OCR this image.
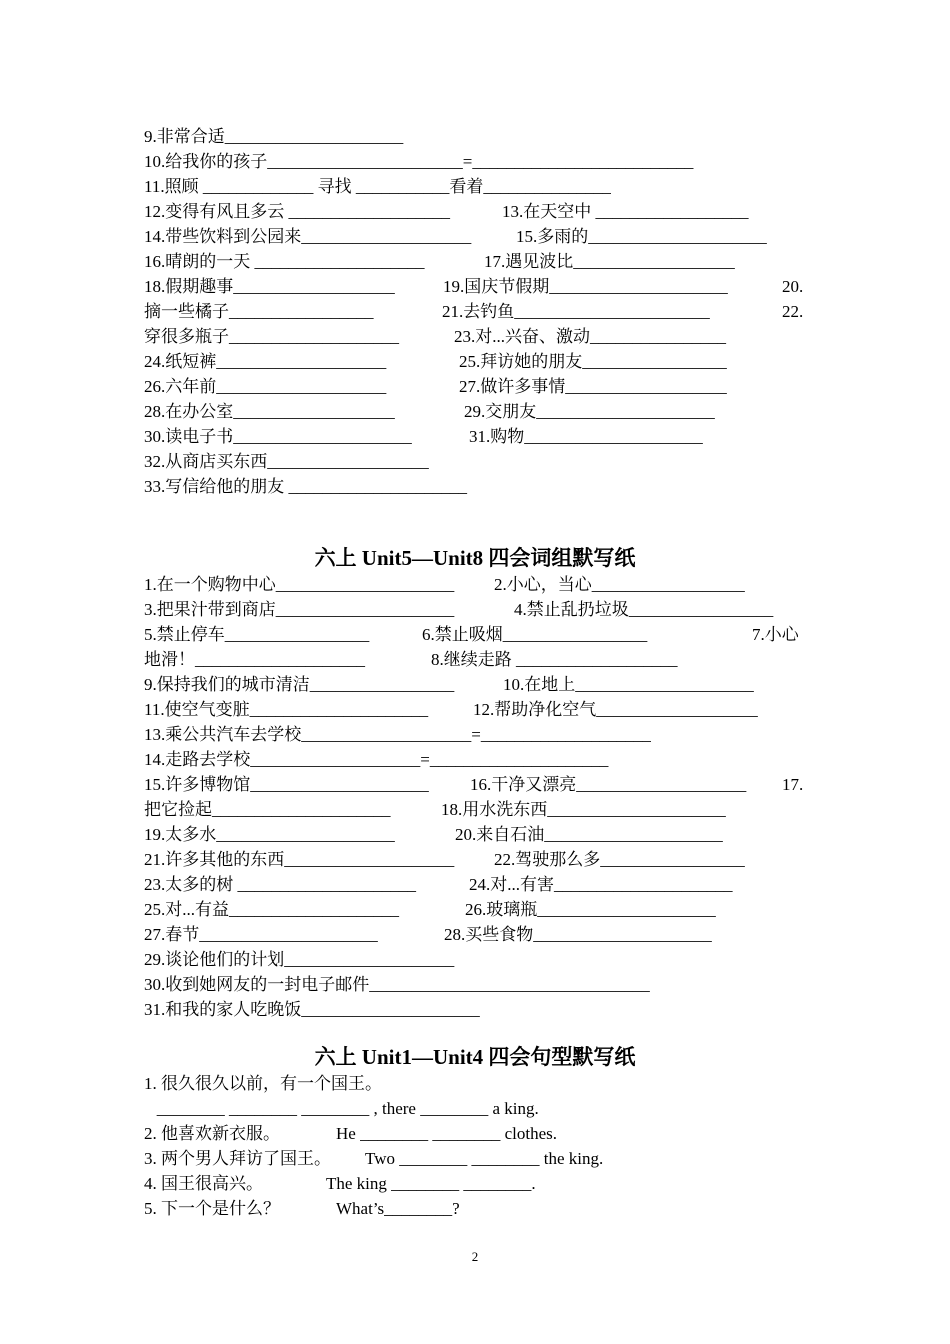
9.非常合适_____________________
10.给我你的孩子_______________________=__________________________
11.照顾 _____________ 寻找 ___________看着_______________
12.变得有风且多云 ___________________	13.在天空中 __________________
14.带些饮料到公园来____________________	15.多雨的_____________________
16.晴朗的一天 ____________________	17.遇见波比___________________
18.假期趣事___________________	19.国庆节假期_____________________	20.
摘一些橘子_________________	21.去钓鱼_______________________	22.
穿很多瓶子____________________	23.对...兴奋、激动________________
24.纸短裤____________________	25.拜访她的朋友_________________
26.六年前____________________	27.做许多事情___________________
28.在办公室___________________	29.交朋友_____________________
30.读电子书_____________________	31.购物_____________________
32.从商店买东西___________________
33.写信给他的朋友 _____________________
六上 Unit5—Unit8 四会词组默写纸
1.在一个购物中心_____________________ 2.小心，当心__________________
3.把果汁带到商店_____________________	4.禁止乱扔垃圾_________________
5.禁止停车_________________	6.禁止吸烟_________________	7.小心
地滑！____________________	8.继续走路 ___________________
9.保持我们的城市清洁_________________	10.在地上_____________________
11.使空气变脏_____________________	12.帮助净化空气___________________
13.乘公共汽车去学校____________________=____________________
14.走路去学校____________________=_____________________
15.许多博物馆_____________________ 16.干净又漂亮____________________ 17.
把它捡起_____________________	18.用水洗东西_____________________
19.太多水_____________________	20.来自石油_____________________
21.许多其他的东西____________________ 22.驾驶那么多_________________
23.太多的树 _____________________	24.对...有害_____________________
25.对...有益____________________	26.玻璃瓶_____________________
27.春节_____________________	28.买些食物_____________________
29.谈论他们的计划____________________
30.收到她网友的一封电子邮件_________________________________
31.和我的家人吃晚饭_____________________
六上 Unit1—Unit4 四会句型默写纸
1. 很久很久以前，有一个国王。
________ ________ ________ , there ________ a king.
2. 他喜欢新衣服。	He ________ ________ clothes.
3. 两个男人拜访了国王。 Two ________ ________ the king.
4. 国王很高兴。	The king ________ ________.
5. 下一个是什么？	What’s________?
2
